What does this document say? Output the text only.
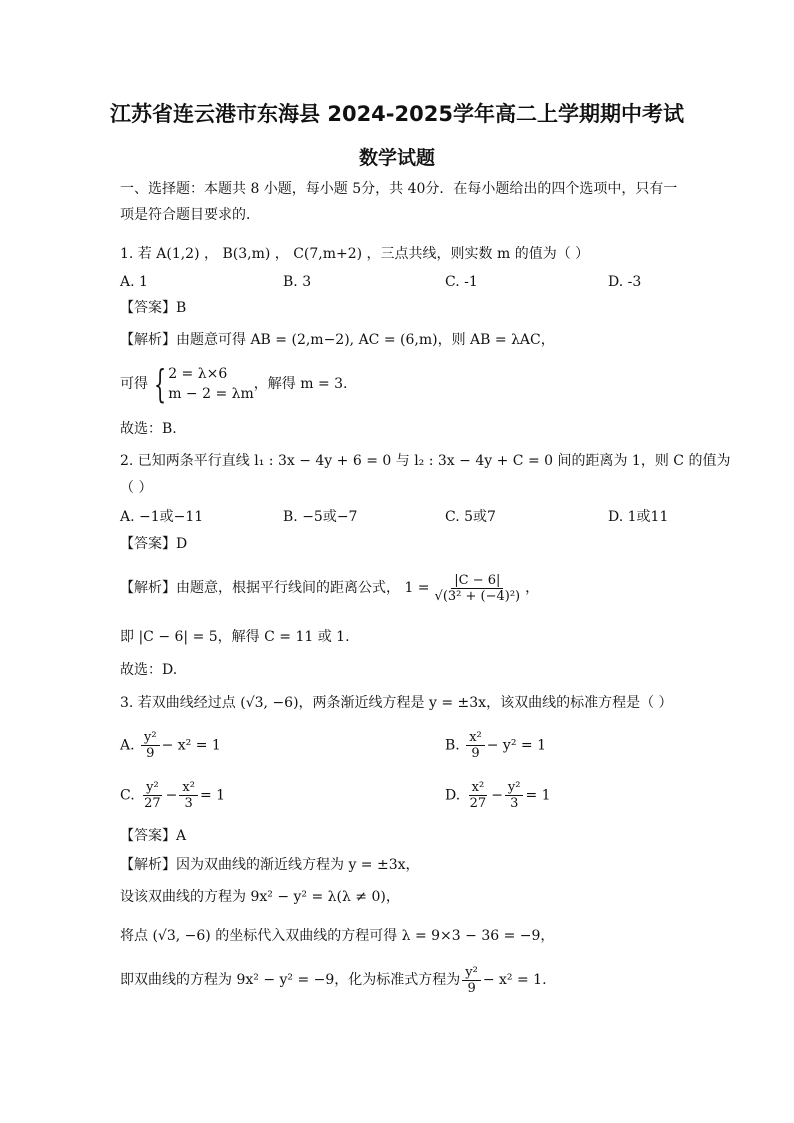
江苏省连云港市东海县 2024-2025学年高二上学期期中考试
数学试题
一、选择题：本题共 8 小题，每小题 5分，共 40分．在每小题给出的四个选项中，只有一
项是符合题目要求的．
1. 若 A(1,2) ， B(3,m) ， C(7,m+2) ，三点共线，则实数 m 的值为（ ）
A. 1	B. 3	C. -1	D. -3
【答案】B
【解析】由题意可得 AB = (2,m−2), AC = (6,m)，则 AB = λAC，
可得 { 2 = λ×6
m − 2 = λm
，解得 m = 3.
故选：B.
2. 已知两条平行直线 l₁ : 3x − 4y + 6 = 0 与 l₂ : 3x − 4y + C = 0 间的距离为 1，则 C 的值为
（ ）
A. −1或−11	B. −5或−7	C. 5或7	D. 1或11
【答案】D
【解析】由题意，根据平行线间的距离公式， $1 = \frac{|C - 6|}{\text{√(3² + (−4)²)}}$ ，
即 |C − 6| = 5，解得 C = 11 或 1.
故选：D.
3. 若双曲线经过点 (√3, −6)，两条渐近线方程是 y = ±3x，该双曲线的标准方程是（ ）
A. $\frac{\text{y²}}{9} - x^2 = 1$	B. $\frac{\text{x²}}{9} - y^2 = 1$
C. $\frac{\text{y²}}{27} - \frac{\text{x²}}{3} = 1$	D. $\frac{\text{x²}}{27} - \frac{\text{y²}}{3} = 1$
【答案】A
【解析】因为双曲线的渐近线方程为 y = ±3x，
设该双曲线的方程为 9x² − y² = λ(λ ≠ 0)，
将点 (√3, −6) 的坐标代入双曲线的方程可得 λ = 9×3 − 36 = −9，
即双曲线的方程为 9x² − y² = −9，化为标准式方程为 $\frac{\text{y²}}{9} - x^2 = 1$.
